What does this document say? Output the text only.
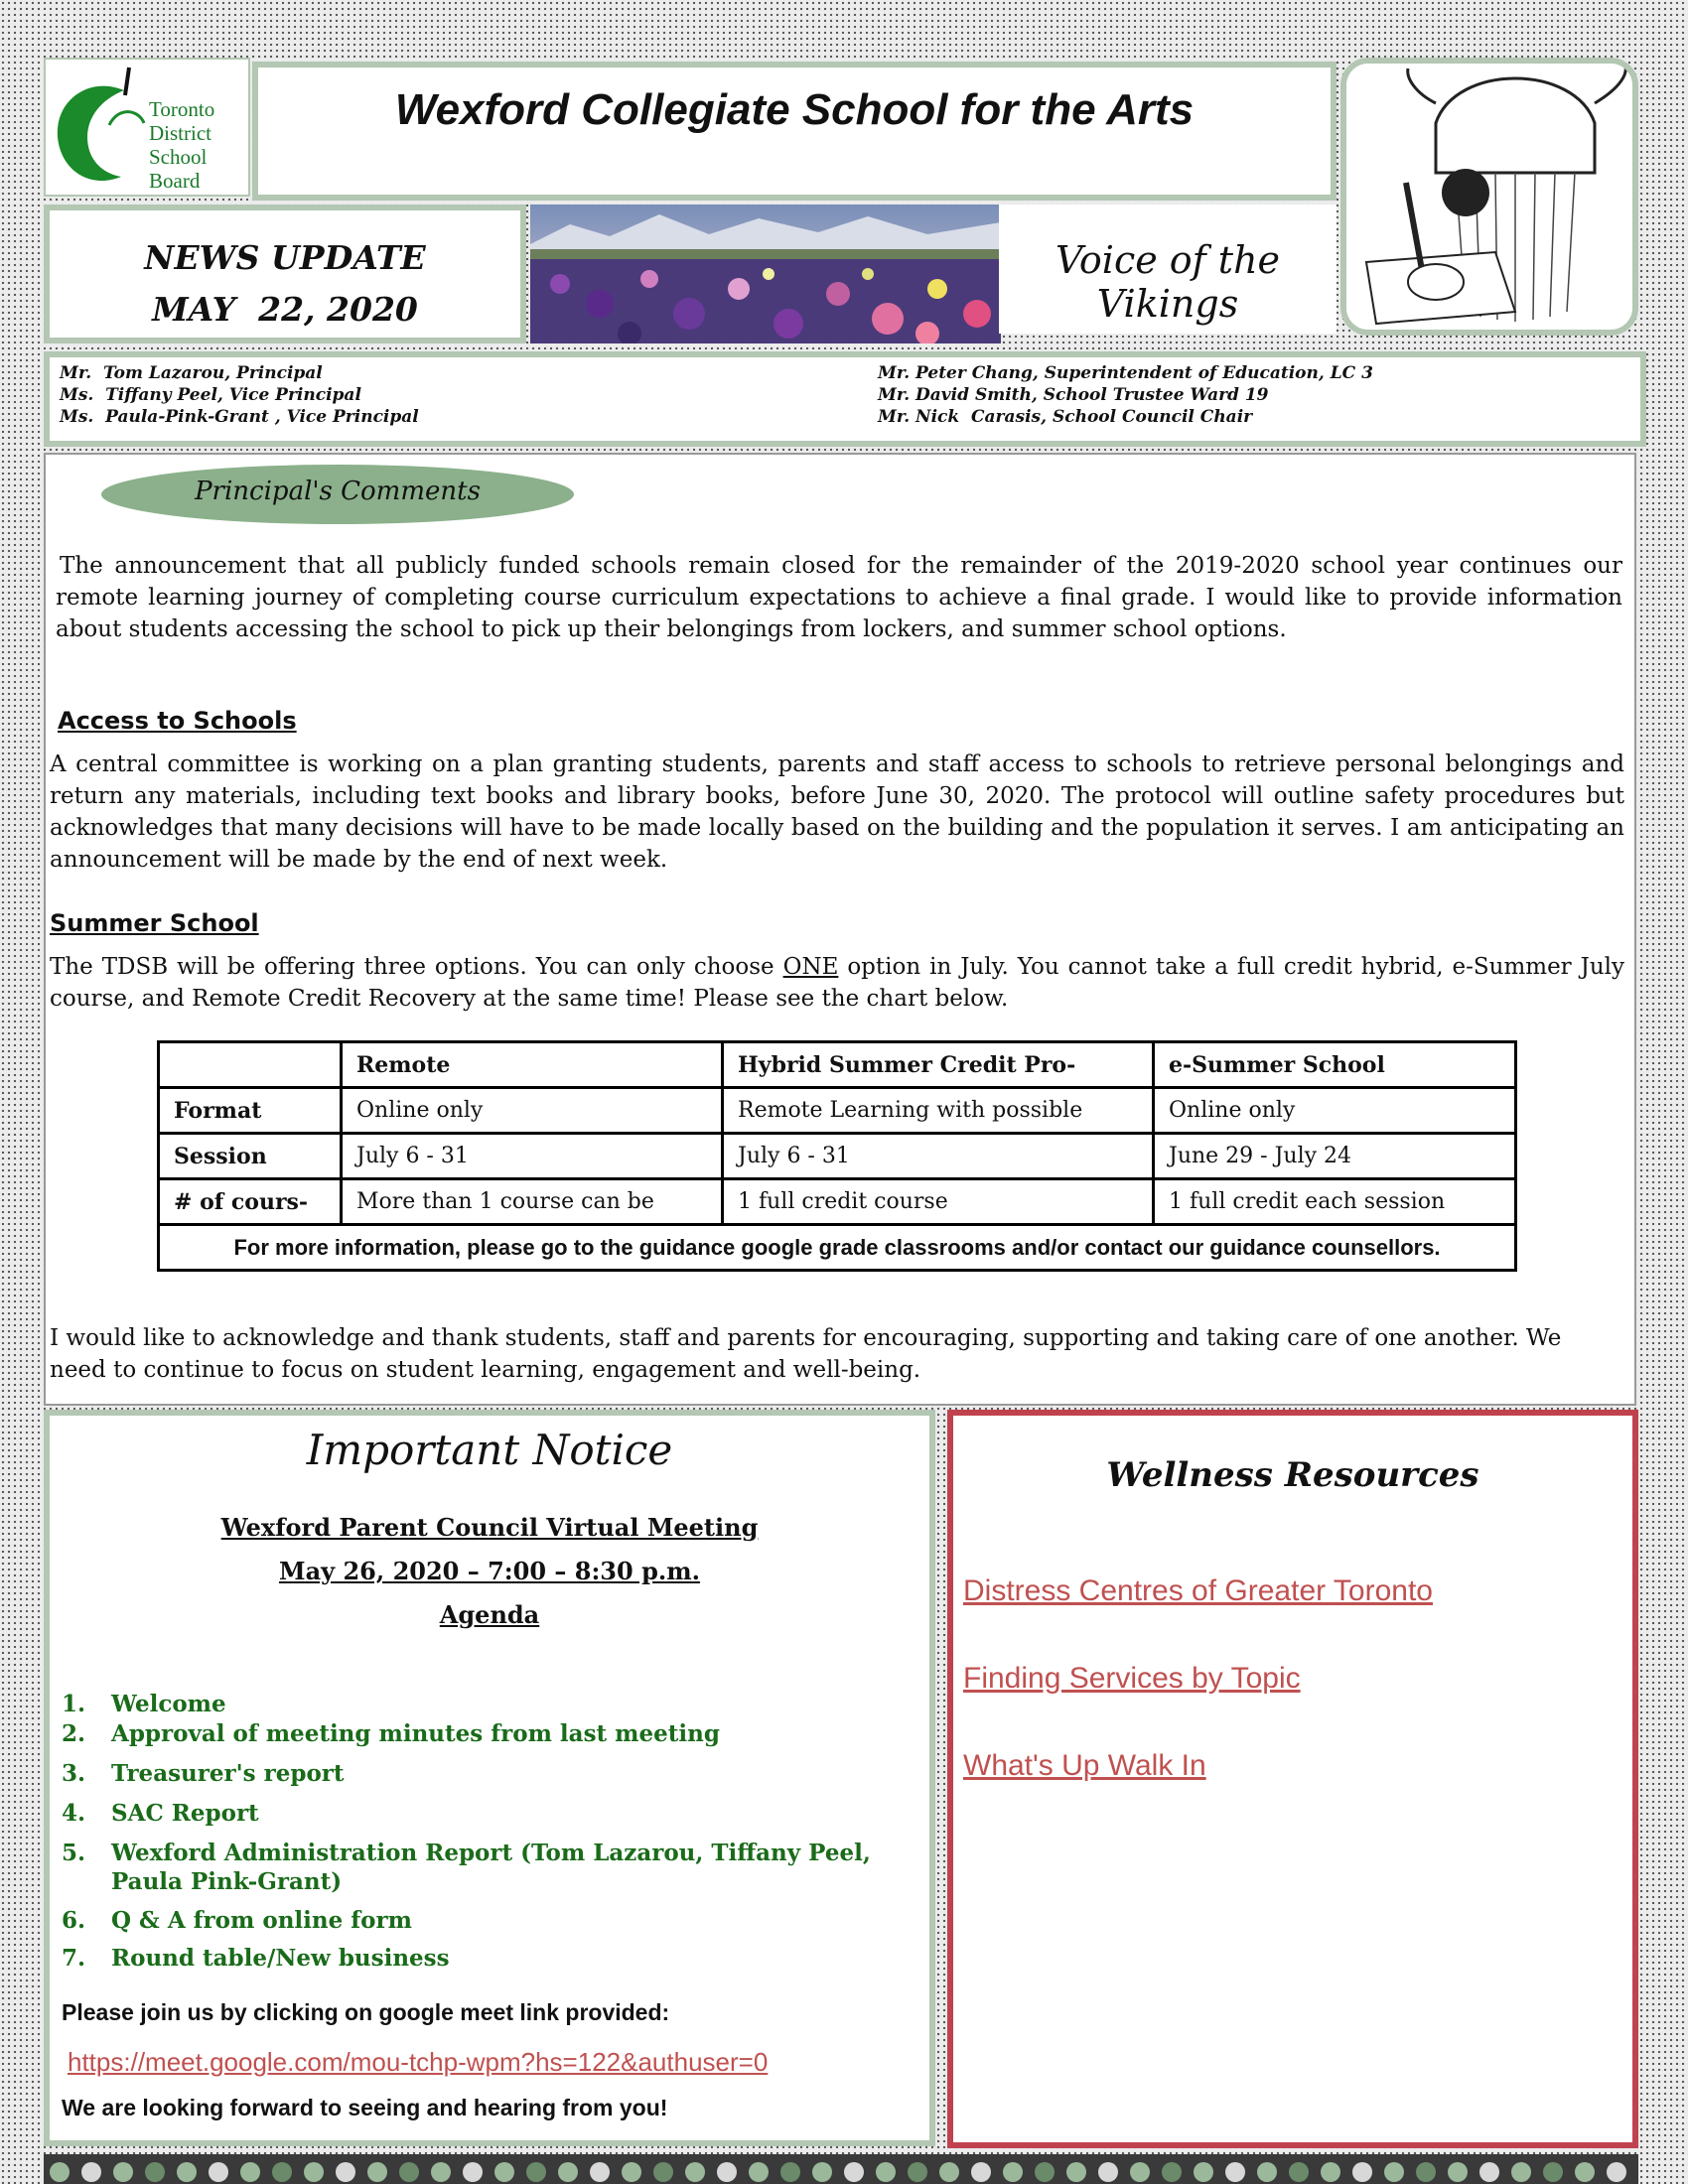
Toronto
District
School
Board
Wexford Collegiate School for the Arts
NEWS UPDATE
MAY  22, 2020
Voice of the Vikings
Mr.  Tom Lazarou, Principal
Ms.  Tiffany Peel, Vice Principal
Ms.  Paula-Pink-Grant , Vice Principal
Mr. Peter Chang, Superintendent of Education, LC 3
Mr. David Smith, School Trustee Ward 19
Mr. Nick  Carasis, School Council Chair
Principal's Comments
The announcement that all publicly funded schools remain closed for the remainder of the 2019-2020 school year continues our remote learning journey of completing course curriculum expectations to achieve a final grade. I would like to provide information about students accessing the school to pick up their belongings from lockers, and summer school options.
Access to Schools
A central committee is working on a plan granting students, parents and staff access to schools to retrieve personal belongings and return any materials, including text books and library books, before June 30, 2020. The protocol will outline safety procedures but acknowledges that many decisions will have to be made locally based on the building and the population it serves. I am anticipating an announcement will be made by the end of next week.
Summer School
The TDSB will be offering three options. You can only choose ONE option in July. You cannot take a full credit hybrid, e-Summer July course, and Remote Credit Recovery at the same time! Please see the chart below.
	Remote	Hybrid Summer Credit Pro-	e-Summer School
Format	Online only	Remote Learning with possible	Online only
Session	July 6 - 31	July 6 - 31	June 29 - July 24
# of cours-	More than 1 course can be	1 full credit course	1 full credit each session
For more information, please go to the guidance google grade classrooms and/or contact our guidance counsellors.			
I would like to acknowledge and thank students, staff and parents for encouraging, supporting and taking care of one another. We need to continue to focus on student learning, engagement and well-being.
Important Notice
Wexford Parent Council Virtual Meeting
May 26, 2020 – 7:00 – 8:30 p.m.
Agenda
1. Welcome
2. Approval of meeting minutes from last meeting
3. Treasurer's report
4. SAC Report
5. Wexford Administration Report (Tom Lazarou, Tiffany Peel, Paula Pink-Grant)
6. Q & A from online form
7. Round table/New business
Please join us by clicking on google meet link provided:
https://meet.google.com/mou-tchp-wpm?hs=122&authuser=0
We are looking forward to seeing and hearing from you!
Wellness Resources
Distress Centres of Greater Toronto
Finding Services by Topic
What's Up Walk In
